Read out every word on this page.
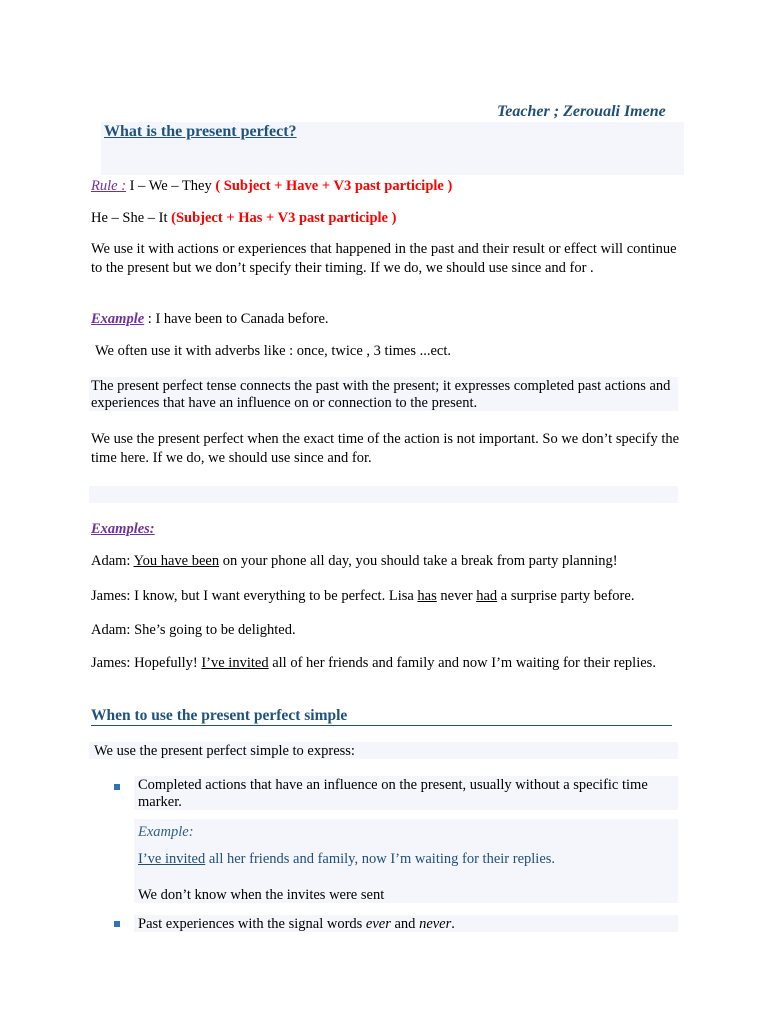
Teacher ; Zerouali Imene
What is the present perfect?
Rule : I – We – They ( Subject + Have + V3 past participle )
He – She – It (Subject + Has + V3 past participle )
We use it with actions or experiences that happened in the past and their result or effect will continue to the present but we don’t specify their timing. If we do, we should use since and for .
Example : I have been to Canada before.
We often use it with adverbs like : once, twice , 3 times ...ect.
The present perfect tense connects the past with the present; it expresses completed past actions and experiences that have an influence on or connection to the present.
We use the present perfect when the exact time of the action is not important. So we don’t specify the time here. If we do, we should use since and for.
Examples:
Adam: You have been on your phone all day, you should take a break from party planning!
James: I know, but I want everything to be perfect. Lisa has never had a surprise party before.
Adam: She’s going to be delighted.
James: Hopefully! I’ve invited all of her friends and family and now I’m waiting for their replies.
When to use the present perfect simple
We use the present perfect simple to express:
Completed actions that have an influence on the present, usually without a specific time marker.
Example:
I’ve invited all her friends and family, now I’m waiting for their replies.
We don’t know when the invites were sent
Past experiences with the signal words ever and never.
